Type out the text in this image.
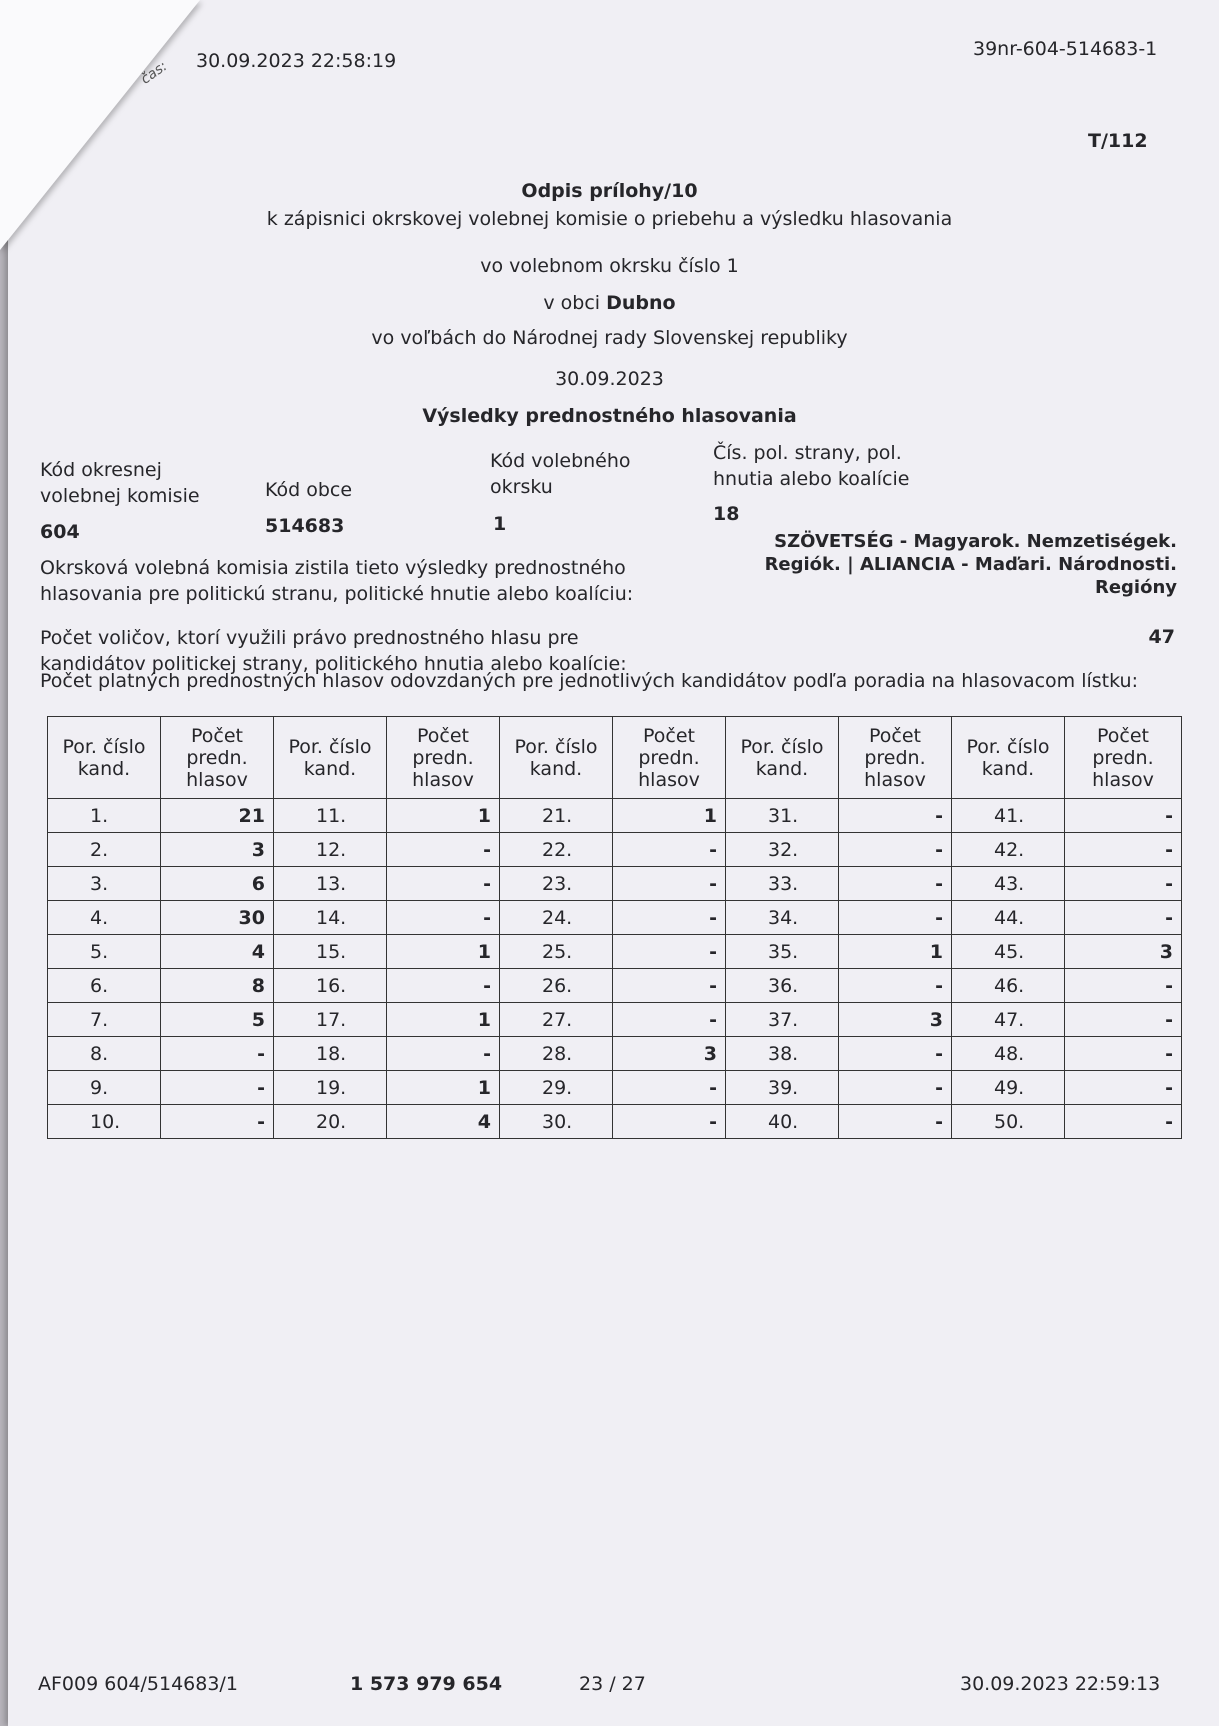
čas: 30.09.2023 22:58:19
39nr-604-514683-1
T/112
Odpis prílohy/10
k zápisnici okrskovej volebnej komisie o priebehu a výsledku hlasovania
vo volebnom okrsku číslo 1
v obci Dubno
vo voľbách do Národnej rady Slovenskej republiky
30.09.2023
Výsledky prednostného hlasovania
Kód okresnej volebnej komisie
604
Kód obce
514683
Kód volebného okrsku
1
Čís. pol. strany, pol. hnutia alebo koalície
18
Okrsková volebná komisia zistila tieto výsledky prednostného hlasovania pre politickú stranu, politické hnutie alebo koalíciu:
SZÖVETSÉG - Magyarok. Nemzetiségek.
Regiók. | ALIANCIA - Maďari. Národnosti.
Regióny
Počet voličov, ktorí využili právo prednostného hlasu pre kandidátov politickej strany, politického hnutia alebo koalície:
47
Počet platných prednostných hlasov odovzdaných pre jednotlivých kandidátov podľa poradia na hlasovacom lístku:
Por. číslo kand.	Počet predn. hlasov	Por. číslo kand.	Počet predn. hlasov	Por. číslo kand.	Počet predn. hlasov	Por. číslo kand.	Počet predn. hlasov	Por. číslo kand.	Počet predn. hlasov
1.	21	11.	1	21.	1	31.	-	41.	-
2.	3	12.	-	22.	-	32.	-	42.	-
3.	6	13.	-	23.	-	33.	-	43.	-
4.	30	14.	-	24.	-	34.	-	44.	-
5.	4	15.	1	25.	-	35.	1	45.	3
6.	8	16.	-	26.	-	36.	-	46.	-
7.	5	17.	1	27.	-	37.	3	47.	-
8.	-	18.	-	28.	3	38.	-	48.	-
9.	-	19.	1	29.	-	39.	-	49.	-
10.	-	20.	4	30.	-	40.	-	50.	-
AF009 604/514683/1	1 573 979 654	23 / 27	30.09.2023 22:59:13
